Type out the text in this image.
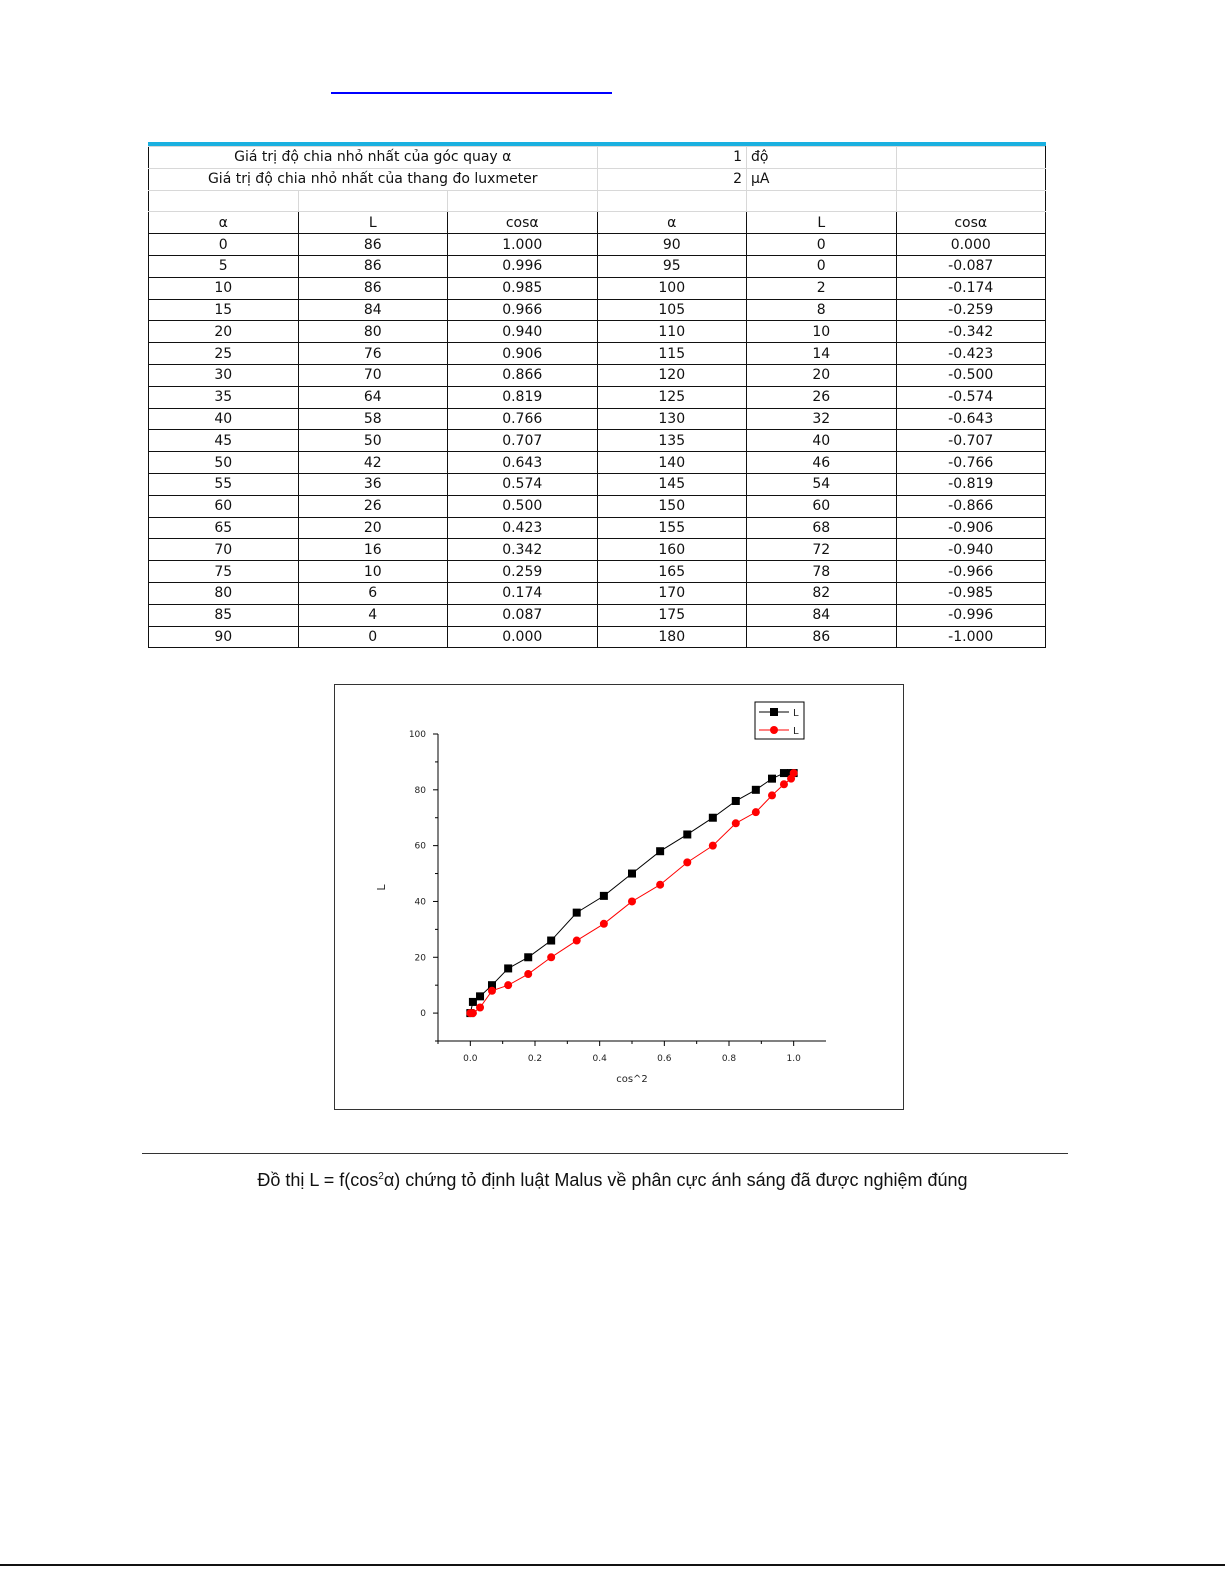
Giá trị độ chia nhỏ nhất của góc quay α			1	độ	
Giá trị độ chia nhỏ nhất của thang đo luxmeter			2	μA	

α	L	cosα	α	L	cosα
0	86	1.000	90	0	0.000
5	86	0.996	95	0	-0.087
10	86	0.985	100	2	-0.174
15	84	0.966	105	8	-0.259
20	80	0.940	110	10	-0.342
25	76	0.906	115	14	-0.423
30	70	0.866	120	20	-0.500
35	64	0.819	125	26	-0.574
40	58	0.766	130	32	-0.643
45	50	0.707	135	40	-0.707
50	42	0.643	140	46	-0.766
55	36	0.574	145	54	-0.819
60	26	0.500	150	60	-0.866
65	20	0.423	155	68	-0.906
70	16	0.342	160	72	-0.940
75	10	0.259	165	78	-0.966
80	6	0.174	170	82	-0.985
85	4	0.087	175	84	-0.996
90	0	0.000	180	86	-1.000
0.0	0.2	0.4	0.6	0.8	1.0
0
20
40
60
80
100
cos^2
L
L
L
Đồ thị $L = f(\cos^2\alpha)$ chứng tỏ định luật Malus về phân cực ánh sáng đã được nghiệm đúng
